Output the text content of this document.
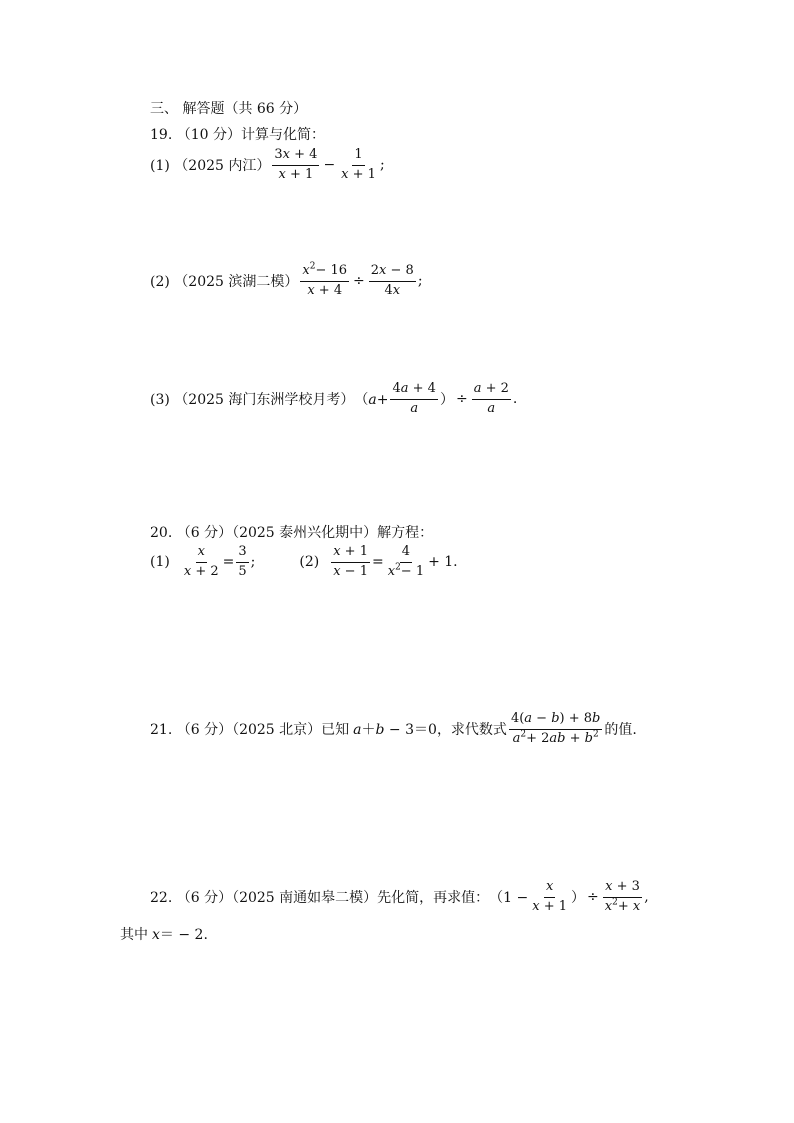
三、 解答题（共 66 分）
19. （10 分）计算与化简：
(1) （2025 内江） $\frac{3x + 4}{x + 1} - \frac{1}{x + 1}$ ;
(2) （2025 滨湖二模） $\frac{x^2- 16}{x + 4} \div \frac{2x - 8}{4x}$ ;
(3) （2025 海门东洲学校月考） （$a+ \frac{4a + 4}{a}$ ） ÷ $\frac{a + 2}{a}$ .
20. （6 分）（2025 泰州兴化期中）解方程：
$(1) \frac{x}{x + 2} = \frac{3}{5}$ ;	$(2) \frac{x + 1}{x - 1} = \frac{4}{x^2- 1} + 1$.
21. （6 分）（2025 北京）已知 a＋b − 3＝0 ，求代数式 $\frac{4(a - b) + 8b}{a^2+ 2ab + b^2}$ 的值.
22. （6 分）（2025 南通如皋二模）先化简，再求值： （$1 - \frac{x}{x + 1}$ ） ÷ $\frac{x + 3}{x^2+ x}$ ,
其中 x＝ − 2.
